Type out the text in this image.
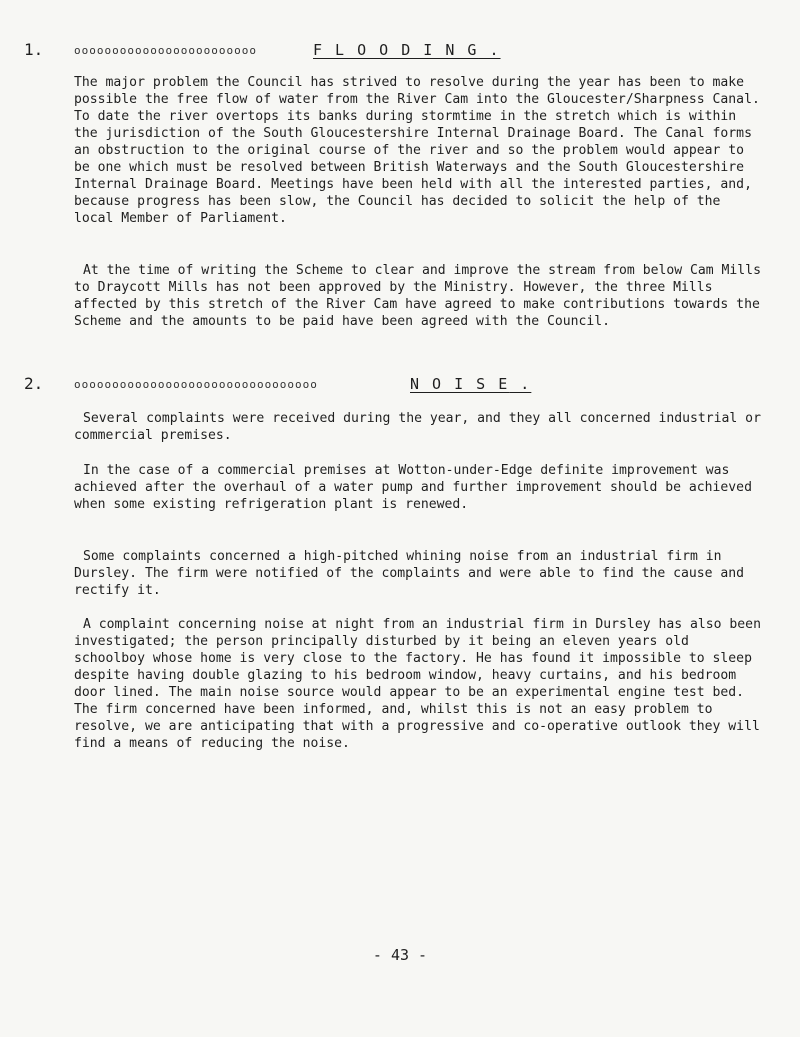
1.	oooooooooooooooooooooooo	F L O O D I N G .

The major problem the Council has strived to resolve during the year has been to make possible the free flow of water from the River Cam into the Gloucester/Sharpness Canal. To date the river overtops its banks during stormtime in the stretch which is within the jurisdiction of the South Gloucestershire Internal Drainage Board. The Canal forms an obstruction to the original course of the river and so the problem would appear to be one which must be resolved between British Waterways and the South Gloucestershire Internal Drainage Board. Meetings have been held with all the interested parties, and, because progress has been slow, the Council has decided to solicit the help of the local Member of Parliament.

At the time of writing the Scheme to clear and improve the stream from below Cam Mills to Draycott Mills has not been approved by the Ministry. However, the three Mills affected by this stretch of the River Cam have agreed to make contributions towards the Scheme and the amounts to be paid have been agreed with the Council.

2.	oooooooooooooooooooooooooooooooo	N O I S E .

Several complaints were received during the year, and they all concerned industrial or commercial premises.

In the case of a commercial premises at Wotton-under-Edge definite improvement was achieved after the overhaul of a water pump and further improvement should be achieved when some existing refrigeration plant is renewed.

Some complaints concerned a high-pitched whining noise from an industrial firm in Dursley. The firm were notified of the complaints and were able to find the cause and rectify it.

A complaint concerning noise at night from an industrial firm in Dursley has also been investigated; the person principally disturbed by it being an eleven years old schoolboy whose home is very close to the factory. He has found it impossible to sleep despite having double glazing to his bedroom window, heavy curtains, and his bedroom door lined. The main noise source would appear to be an experimental engine test bed. The firm concerned have been informed, and, whilst this is not an easy problem to resolve, we are anticipating that with a progressive and co-operative outlook they will find a means of reducing the noise.

- 43 -
